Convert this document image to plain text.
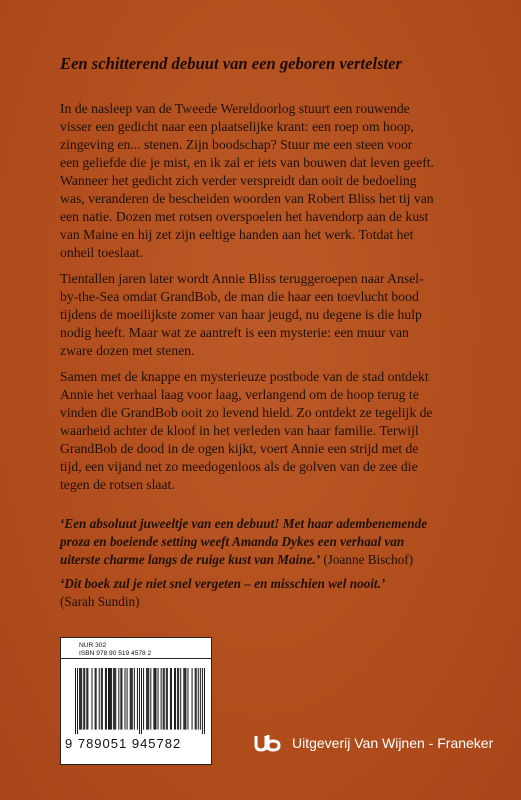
Een schitterend debuut van een geboren vertelster
In de nasleep van de Tweede Wereldoorlog stuurt een rouwende
visser een gedicht naar een plaatselijke krant: een roep om hoop,
zingeving en... stenen. Zijn boodschap? Stuur me een steen voor
een geliefde die je mist, en ik zal er iets van bouwen dat leven geeft.
Wanneer het gedicht zich verder verspreidt dan ooit de bedoeling
was, veranderen de bescheiden woorden van Robert Bliss het tij van
een natie. Dozen met rotsen overspoelen het havendorp aan de kust
van Maine en hij zet zijn eeltige handen aan het werk. Totdat het
onheil toeslaat.
Tientallen jaren later wordt Annie Bliss teruggeroepen naar Ansel-
by-the-Sea omdat GrandBob, de man die haar een toevlucht bood
tijdens de moeilijkste zomer van haar jeugd, nu degene is die hulp
nodig heeft. Maar wat ze aantreft is een mysterie: een muur van
zware dozen met stenen.
Samen met de knappe en mysterieuze postbode van de stad ontdekt
Annie het verhaal laag voor laag, verlangend om de hoop terug te
vinden die GrandBob ooit zo levend hield. Zo ontdekt ze tegelijk de
waarheid achter de kloof in het verleden van haar familie. Terwijl
GrandBob de dood in de ogen kijkt, voert Annie een strijd met de
tijd, een vijand net zo meedogenloos als de golven van de zee die
tegen de rotsen slaat.
‘Een absoluut juweeltje van een debuut! Met haar adembenemende
proza en boeiende setting weeft Amanda Dykes een verhaal van
uiterste charme langs de ruige kust van Maine.’ (Joanne Bischof)
‘Dit boek zul je niet snel vergeten – en misschien wel nooit.’
(Sarah Sundin)
NUR 302
ISBN 978 90 519 4578 2
9 789051 945782	Uitgeverij Van Wijnen - Franeker
